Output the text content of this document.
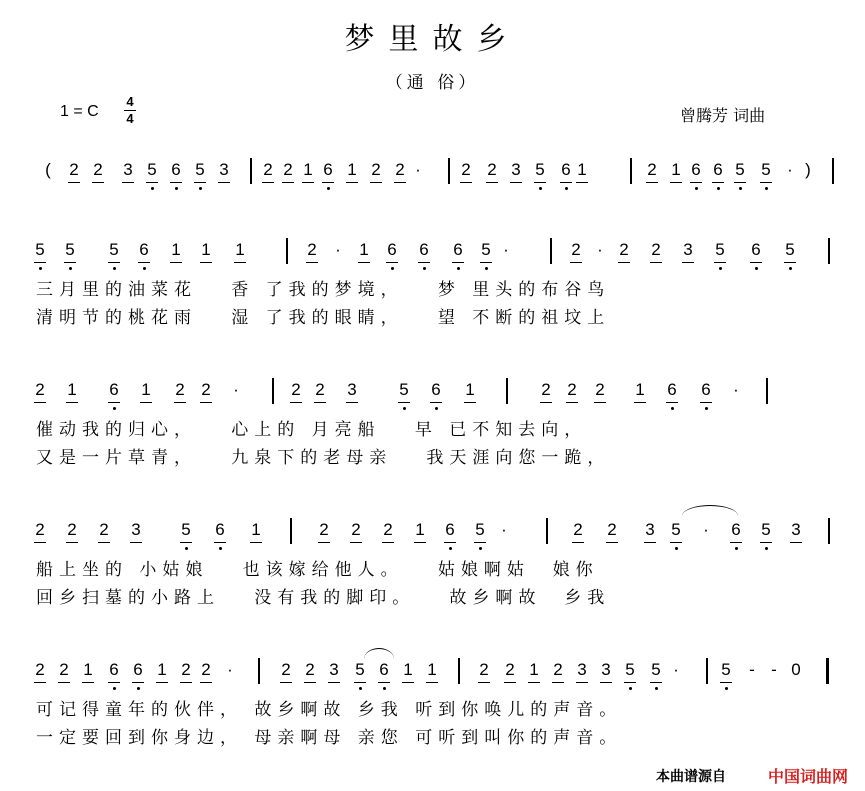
梦里故乡
（通 俗）
1 = C
4
4	曾腾芳 词曲
(	2 2 3 5 6 5 3 2 2 1 6 1 2 2 ·	2 2 3 5 6 1	2 1 6 6 5 5 · )
5 5 5 6 1 1 1	2	·	1 6 6 6 5 ·	2 · 2 2 3 5 6 5
三月里的油菜花   香 了我的梦境，   梦 里头的布谷鸟
清明节的桃花雨   湿 了我的眼睛，   望 不断的祖坟上
2 1 6 1 2 2	·	2 2 3	5 6 1	2 2 2 1 6 6	·
催动我的归心，   心上的 月亮船   早 已不知去向，
又是一片草青，   九泉下的老母亲   我天涯向您一跪，
2 2 2 3 5 6 1	2 2 2 1 6 5 ·	2 2 3 5	·	6 5 3
船上坐的 小姑娘   也该嫁给他人。   姑娘啊姑  娘你
回乡扫墓的小路上   没有我的脚印。   故乡啊故  乡我
2 2 1 6 6 1 2 2 ·	2 2 3 5 6 1 1	2 2 1 2 3 3 5 5 ·	5	- - 0
可记得童年的伙伴， 故乡啊故 乡我 听到你唤儿的声音。
一定要回到你身边， 母亲啊母 亲您 可听到叫你的声音。
本曲谱源自	中国词曲网
